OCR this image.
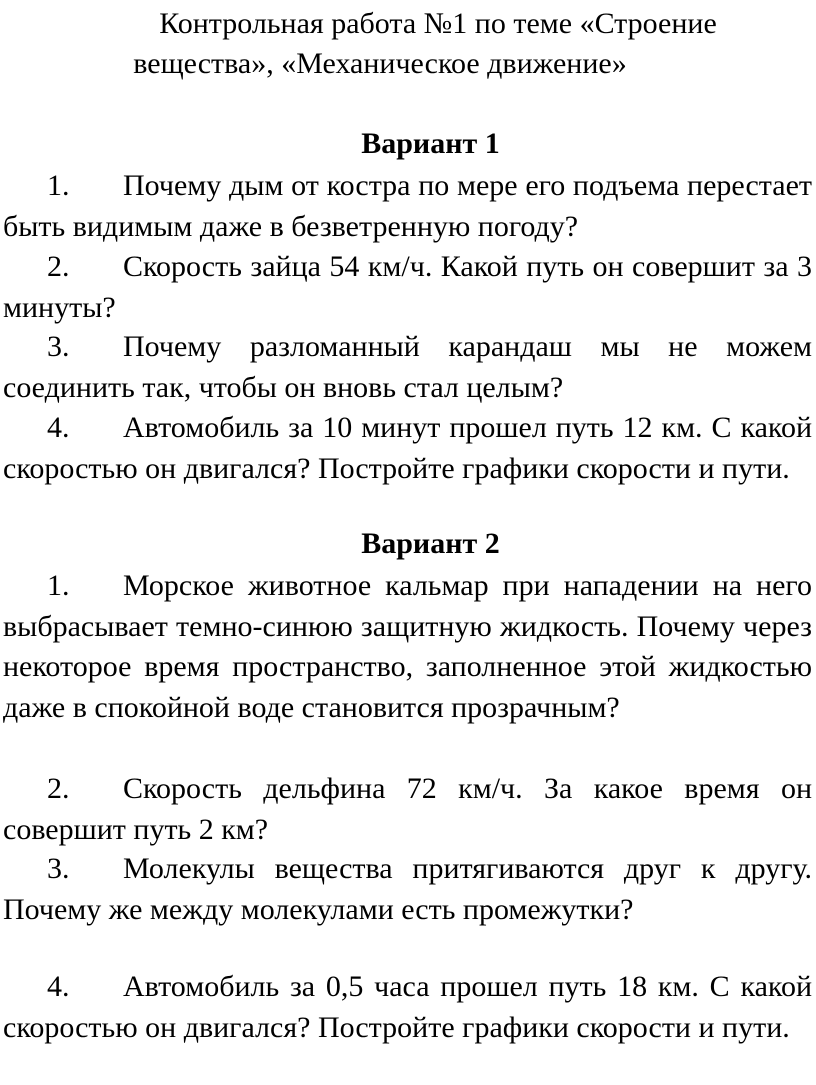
Контрольная работа №1 по теме «Строение
вещества», «Механическое движение»
Вариант 1

1. Почему дым от костра по мере его подъема перестает быть видимым даже в безветренную погоду?

2. Скорость зайца 54 км/ч. Какой путь он совершит за 3 минуты?

3. Почему разломанный карандаш мы не можем соединить так, чтобы он вновь стал целым?

4. Автомобиль за 10 минут прошел путь 12 км. С какой скоростью он двигался? Постройте графики скорости и пути.

Вариант 2

1. Морское животное кальмар при нападении на него выбрасывает темно-синюю защитную жидкость. Почему через некоторое время пространство, заполненное этой жидкостью даже в спокойной воде становится прозрачным?

2. Скорость дельфина 72 км/ч. За какое время он совершит путь 2 км?

3. Молекулы вещества притягиваются друг к другу. Почему же между молекулами есть промежутки?

4. Автомобиль за 0,5 часа прошел путь 18 км. С какой скоростью он двигался? Постройте графики скорости и пути.
